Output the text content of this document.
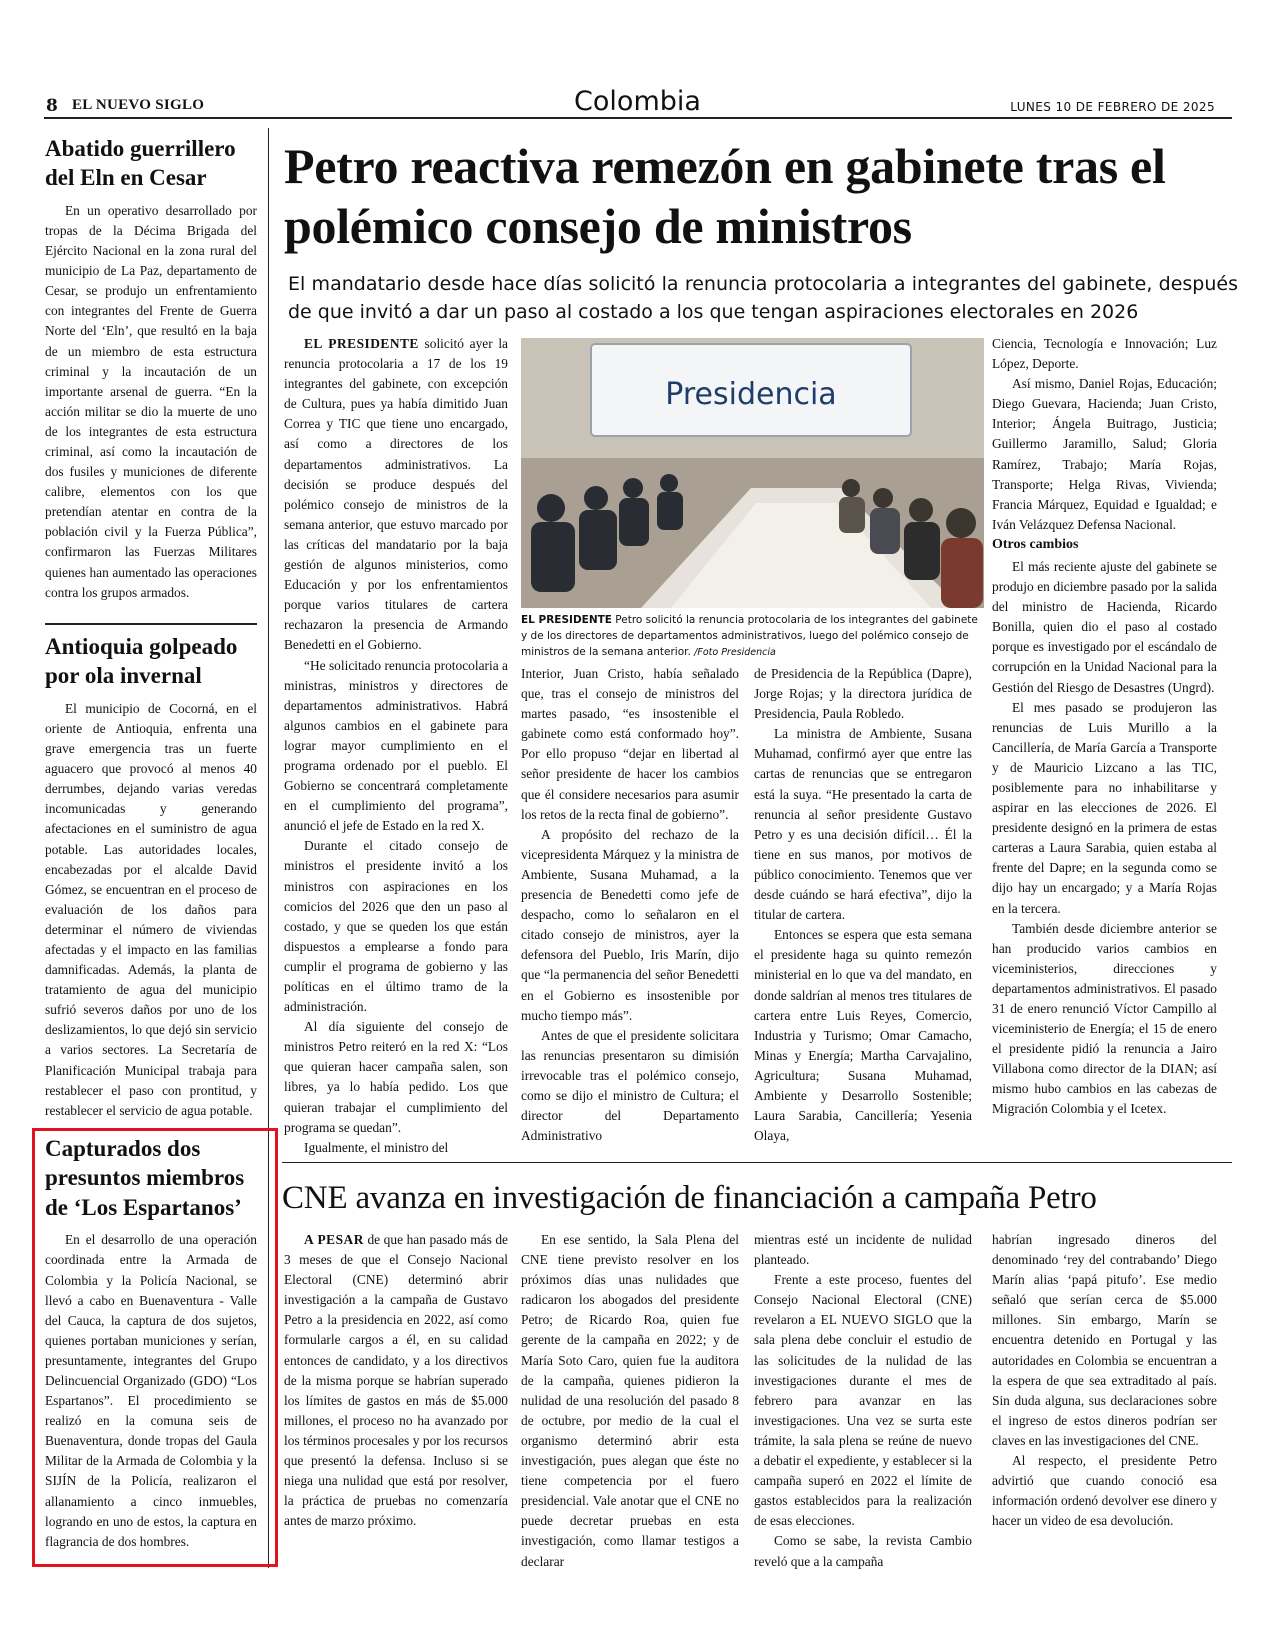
8 EL NUEVO SIGLO	Colombia	LUNES 10 DE FEBRERO DE 2025
Abatido guerrillero del Eln en Cesar

En un operativo desarrollado por tropas de la Décima Brigada del Ejército Nacional en la zona rural del municipio de La Paz, departamento de Cesar, se produjo un enfrentamiento con integrantes del Frente de Guerra Norte del ‘Eln’, que resultó en la baja de un miembro de esta estructura criminal y la incautación de un importante arsenal de guerra. “En la acción militar se dio la muerte de uno de los integrantes de esta estructura criminal, así como la incautación de dos fusiles y municiones de diferente calibre, elementos con los que pretendían atentar en contra de la población civil y la Fuerza Pública”, confirmaron las Fuerzas Militares quienes han aumentado las operaciones contra los grupos armados.

Antioquia golpeado por ola invernal

El municipio de Cocorná, en el oriente de Antioquia, enfrenta una grave emergencia tras un fuerte aguacero que provocó al menos 40 derrumbes, dejando varias veredas incomunicadas y generando afectaciones en el suministro de agua potable. Las autoridades locales, encabezadas por el alcalde David Gómez, se encuentran en el proceso de evaluación de los daños para determinar el número de viviendas afectadas y el impacto en las familias damnificadas. Además, la planta de tratamiento de agua del municipio sufrió severos daños por uno de los deslizamientos, lo que dejó sin servicio a varios sectores. La Secretaría de Planificación Municipal trabaja para restablecer el paso con prontitud, y restablecer el servicio de agua potable.

Capturados dos presuntos miembros de ‘Los Espartanos’

En el desarrollo de una operación coordinada entre la Armada de Colombia y la Policía Nacional, se llevó a cabo en Buenaventura - Valle del Cauca, la captura de dos sujetos, quienes portaban municiones y serían, presuntamente, integrantes del Grupo Delincuencial Organizado (GDO) “Los Espartanos”. El procedimiento se realizó en la comuna seis de Buenaventura, donde tropas del Gaula Militar de la Armada de Colombia y la SIJÍN de la Policía, realizaron el allanamiento a cinco inmuebles, logrando en uno de estos, la captura en flagrancia de dos hombres.

Petro reactiva remezón en gabinete tras el polémico consejo de ministros
El mandatario desde hace días solicitó la renuncia protocolaria a integrantes del gabinete, después de que invitó a dar un paso al costado a los que tengan aspiraciones electorales en 2026

EL PRESIDENTE solicitó ayer la renuncia protocolaria a 17 de los 19 integrantes del gabinete, con excepción de Cultura, pues ya había dimitido Juan Correa y TIC que tiene uno encargado, así como a directores de los departamentos administrativos. La decisión se produce después del polémico consejo de ministros de la semana anterior, que estuvo marcado por las críticas del mandatario por la baja gestión de algunos ministerios, como Educación y por los enfrentamientos porque varios titulares de cartera rechazaron la presencia de Armando Benedetti en el Gobierno.

“He solicitado renuncia protocolaria a ministras, ministros y directores de departamentos administrativos. Habrá algunos cambios en el gabinete para lograr mayor cumplimiento en el programa ordenado por el pueblo. El Gobierno se concentrará completamente en el cumplimiento del programa”, anunció el jefe de Estado en la red X.

Durante el citado consejo de ministros el presidente invitó a los ministros con aspiraciones en los comicios del 2026 que den un paso al costado, y que se queden los que están dispuestos a emplearse a fondo para cumplir el programa de gobierno y las políticas en el último tramo de la administración.

Al día siguiente del consejo de ministros Petro reiteró en la red X: “Los que quieran hacer campaña salen, son libres, ya lo había pedido. Los que quieran trabajar el cumplimiento del programa se quedan”.

Igualmente, el ministro del

Presidencia
EL PRESIDENTE Petro solicitó la renuncia protocolaria de los integrantes del gabinete y de los directores de departamentos administrativos, luego del polémico consejo de ministros de la semana anterior. /Foto Presidencia

Interior, Juan Cristo, había señalado que, tras el consejo de ministros del martes pasado, “es insostenible el gabinete como está conformado hoy”. Por ello propuso “dejar en libertad al señor presidente de hacer los cambios que él considere necesarios para asumir los retos de la recta final de gobierno”.

A propósito del rechazo de la vicepresidenta Márquez y la ministra de Ambiente, Susana Muhamad, a la presencia de Benedetti como jefe de despacho, como lo señalaron en el citado consejo de ministros, ayer la defensora del Pueblo, Iris Marín, dijo que “la permanencia del señor Benedetti en el Gobierno es insostenible por mucho tiempo más”.

Antes de que el presidente solicitara las renuncias presentaron su dimisión irrevocable tras el polémico consejo, como se dijo el ministro de Cultura; el director del Departamento Administrativo

de Presidencia de la República (Dapre), Jorge Rojas; y la directora jurídica de Presidencia, Paula Robledo.

La ministra de Ambiente, Susana Muhamad, confirmó ayer que entre las cartas de renuncias que se entregaron está la suya. “He presentado la carta de renuncia al señor presidente Gustavo Petro y es una decisión difícil… Él la tiene en sus manos, por motivos de público conocimiento. Tenemos que ver desde cuándo se hará efectiva”, dijo la titular de cartera.

Entonces se espera que esta semana el presidente haga su quinto remezón ministerial en lo que va del mandato, en donde saldrían al menos tres titulares de cartera entre Luis Reyes, Comercio, Industria y Turismo; Omar Camacho, Minas y Energía; Martha Carvajalino, Agricultura; Susana Muhamad, Ambiente y Desarrollo Sostenible; Laura Sarabia, Cancillería; Yesenia Olaya,

Ciencia, Tecnología e Innovación; Luz López, Deporte.

Así mismo, Daniel Rojas, Educación; Diego Guevara, Hacienda; Juan Cristo, Interior; Ángela Buitrago, Justicia; Guillermo Jaramillo, Salud; Gloria Ramírez, Trabajo; María Rojas, Transporte; Helga Rivas, Vivienda; Francia Márquez, Equidad e Igualdad; e Iván Velázquez Defensa Nacional.

Otros cambios

El más reciente ajuste del gabinete se produjo en diciembre pasado por la salida del ministro de Hacienda, Ricardo Bonilla, quien dio el paso al costado porque es investigado por el escándalo de corrupción en la Unidad Nacional para la Gestión del Riesgo de Desastres (Ungrd).

El mes pasado se produjeron las renuncias de Luis Murillo a la Cancillería, de María García a Transporte y de Mauricio Lizcano a las TIC, posiblemente para no inhabilitarse y aspirar en las elecciones de 2026. El presidente designó en la primera de estas carteras a Laura Sarabia, quien estaba al frente del Dapre; en la segunda como se dijo hay un encargado; y a María Rojas en la tercera.

También desde diciembre anterior se han producido varios cambios en viceministerios, direcciones y departamentos administrativos. El pasado 31 de enero renunció Víctor Campillo al viceministerio de Energía; el 15 de enero el presidente pidió la renuncia a Jairo Villabona como director de la DIAN; así mismo hubo cambios en las cabezas de Migración Colombia y el Icetex.

CNE avanza en investigación de financiación a campaña Petro

A PESAR de que han pasado más de 3 meses de que el Consejo Nacional Electoral (CNE) determinó abrir investigación a la campaña de Gustavo Petro a la presidencia en 2022, así como formularle cargos a él, en su calidad entonces de candidato, y a los directivos de la misma porque se habrían superado los límites de gastos en más de $5.000 millones, el proceso no ha avanzado por los términos procesales y por los recursos que presentó la defensa. Incluso si se niega una nulidad que está por resolver, la práctica de pruebas no comenzaría antes de marzo próximo.

En ese sentido, la Sala Plena del CNE tiene previsto resolver en los próximos días unas nulidades que radicaron los abogados del presidente Petro; de Ricardo Roa, quien fue gerente de la campaña en 2022; y de María Soto Caro, quien fue la auditora de la campaña, quienes pidieron la nulidad de una resolución del pasado 8 de octubre, por medio de la cual el organismo determinó abrir esta investigación, pues alegan que éste no tiene competencia por el fuero presidencial. Vale anotar que el CNE no puede decretar pruebas en esta investigación, como llamar testigos a declarar

mientras esté un incidente de nulidad planteado.

Frente a este proceso, fuentes del Consejo Nacional Electoral (CNE) revelaron a EL NUEVO SIGLO que la sala plena debe concluir el estudio de las solicitudes de la nulidad de las investigaciones durante el mes de febrero para avanzar en las investigaciones. Una vez se surta este trámite, la sala plena se reúne de nuevo a debatir el expediente, y establecer si la campaña superó en 2022 el límite de gastos establecidos para la realización de esas elecciones.

Como se sabe, la revista Cambio reveló que a la campaña

habrían ingresado dineros del denominado ‘rey del contrabando’ Diego Marín alias ‘papá pitufo’. Ese medio señaló que serían cerca de $5.000 millones. Sin embargo, Marín se encuentra detenido en Portugal y las autoridades en Colombia se encuentran a la espera de que sea extraditado al país. Sin duda alguna, sus declaraciones sobre el ingreso de estos dineros podrían ser claves en las investigaciones del CNE.

Al respecto, el presidente Petro advirtió que cuando conoció esa información ordenó devolver ese dinero y hacer un video de esa devolución.
